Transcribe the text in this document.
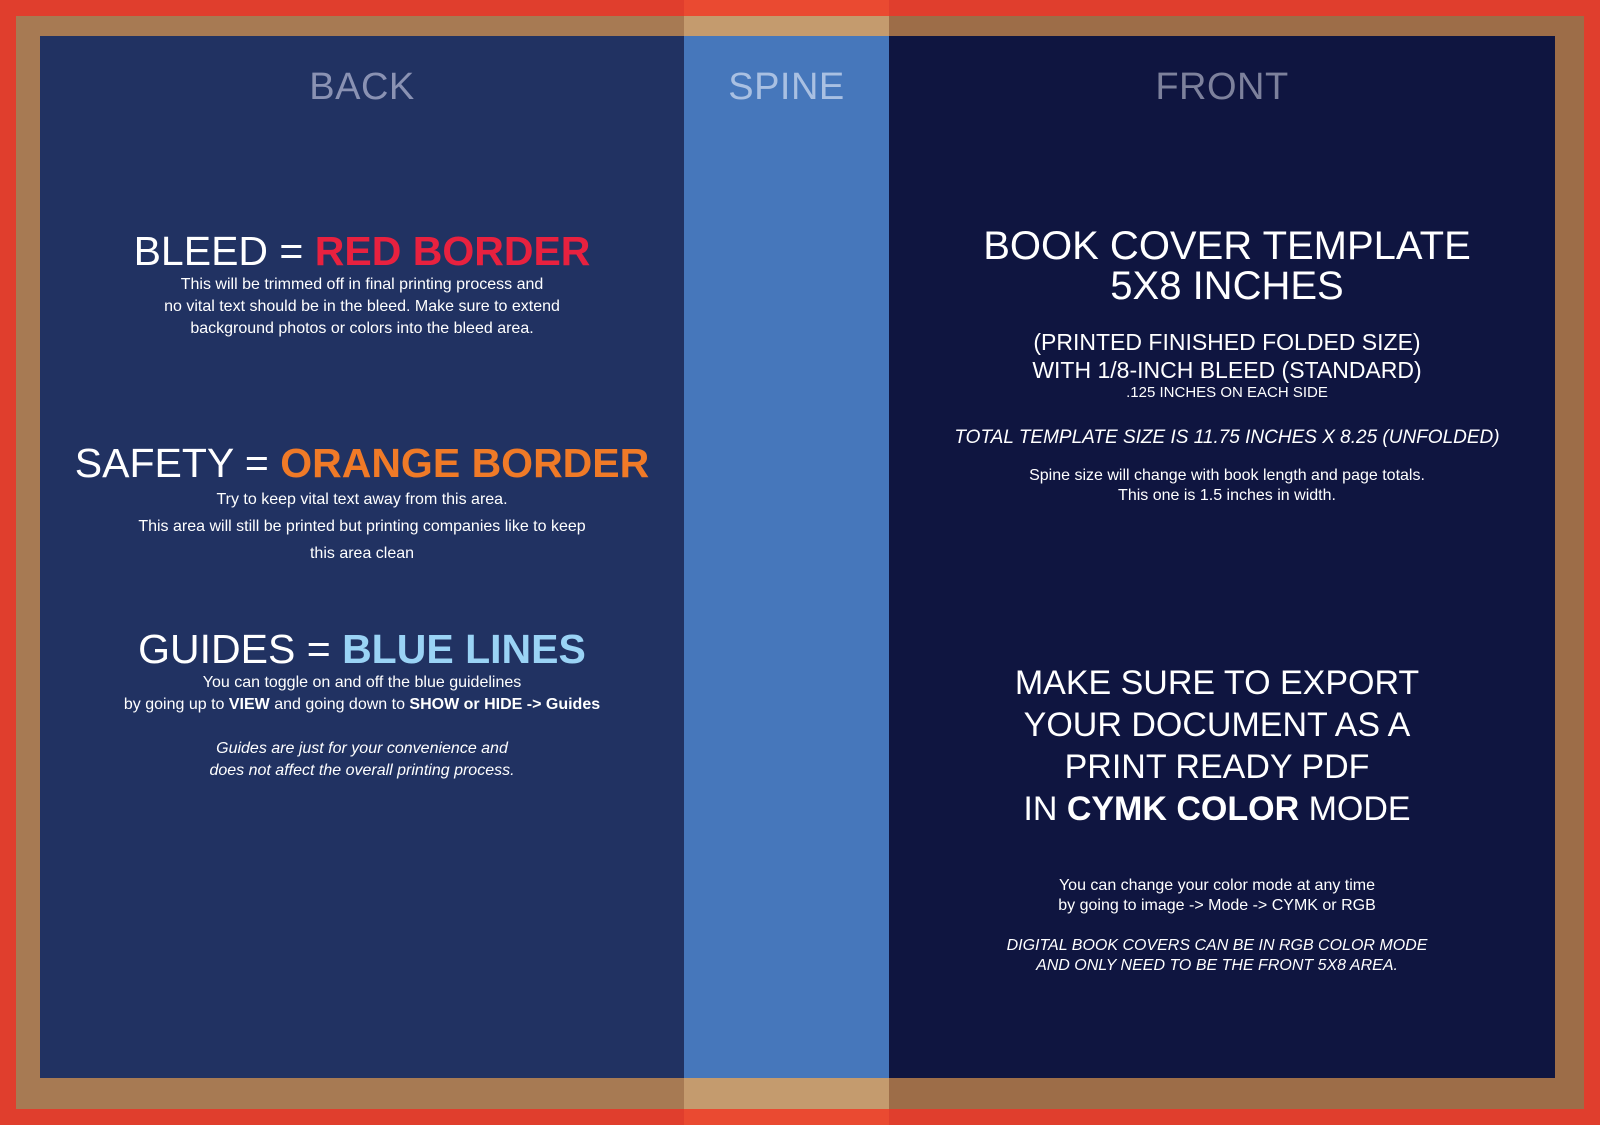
BACK
BLEED = RED BORDER
This will be trimmed off in final printing process and
no vital text should be in the bleed. Make sure to extend
background photos or colors into the bleed area.
SAFETY = ORANGE BORDER
Try to keep vital text away from this area.
This area will still be printed but printing companies like to keep
this area clean
GUIDES = BLUE LINES
You can toggle on and off the blue guidelines
by going up to VIEW and going down to SHOW or HIDE -> Guides
Guides are just for your convenience and
does not affect the overall printing process.
SPINE	FRONT
BOOK COVER TEMPLATE
5X8 INCHES
(PRINTED FINISHED FOLDED SIZE)
WITH 1/8-INCH BLEED (STANDARD)
.125 INCHES ON EACH SIDE
TOTAL TEMPLATE SIZE IS 11.75 INCHES X 8.25 (UNFOLDED)
Spine size will change with book length and page totals.
This one is 1.5 inches in width.
MAKE SURE TO EXPORT
YOUR DOCUMENT AS A
PRINT READY PDF
IN CYMK COLOR MODE
You can change your color mode at any time
by going to image -> Mode -> CYMK or RGB
DIGITAL BOOK COVERS CAN BE IN RGB COLOR MODE
AND ONLY NEED TO BE THE FRONT 5X8 AREA.
